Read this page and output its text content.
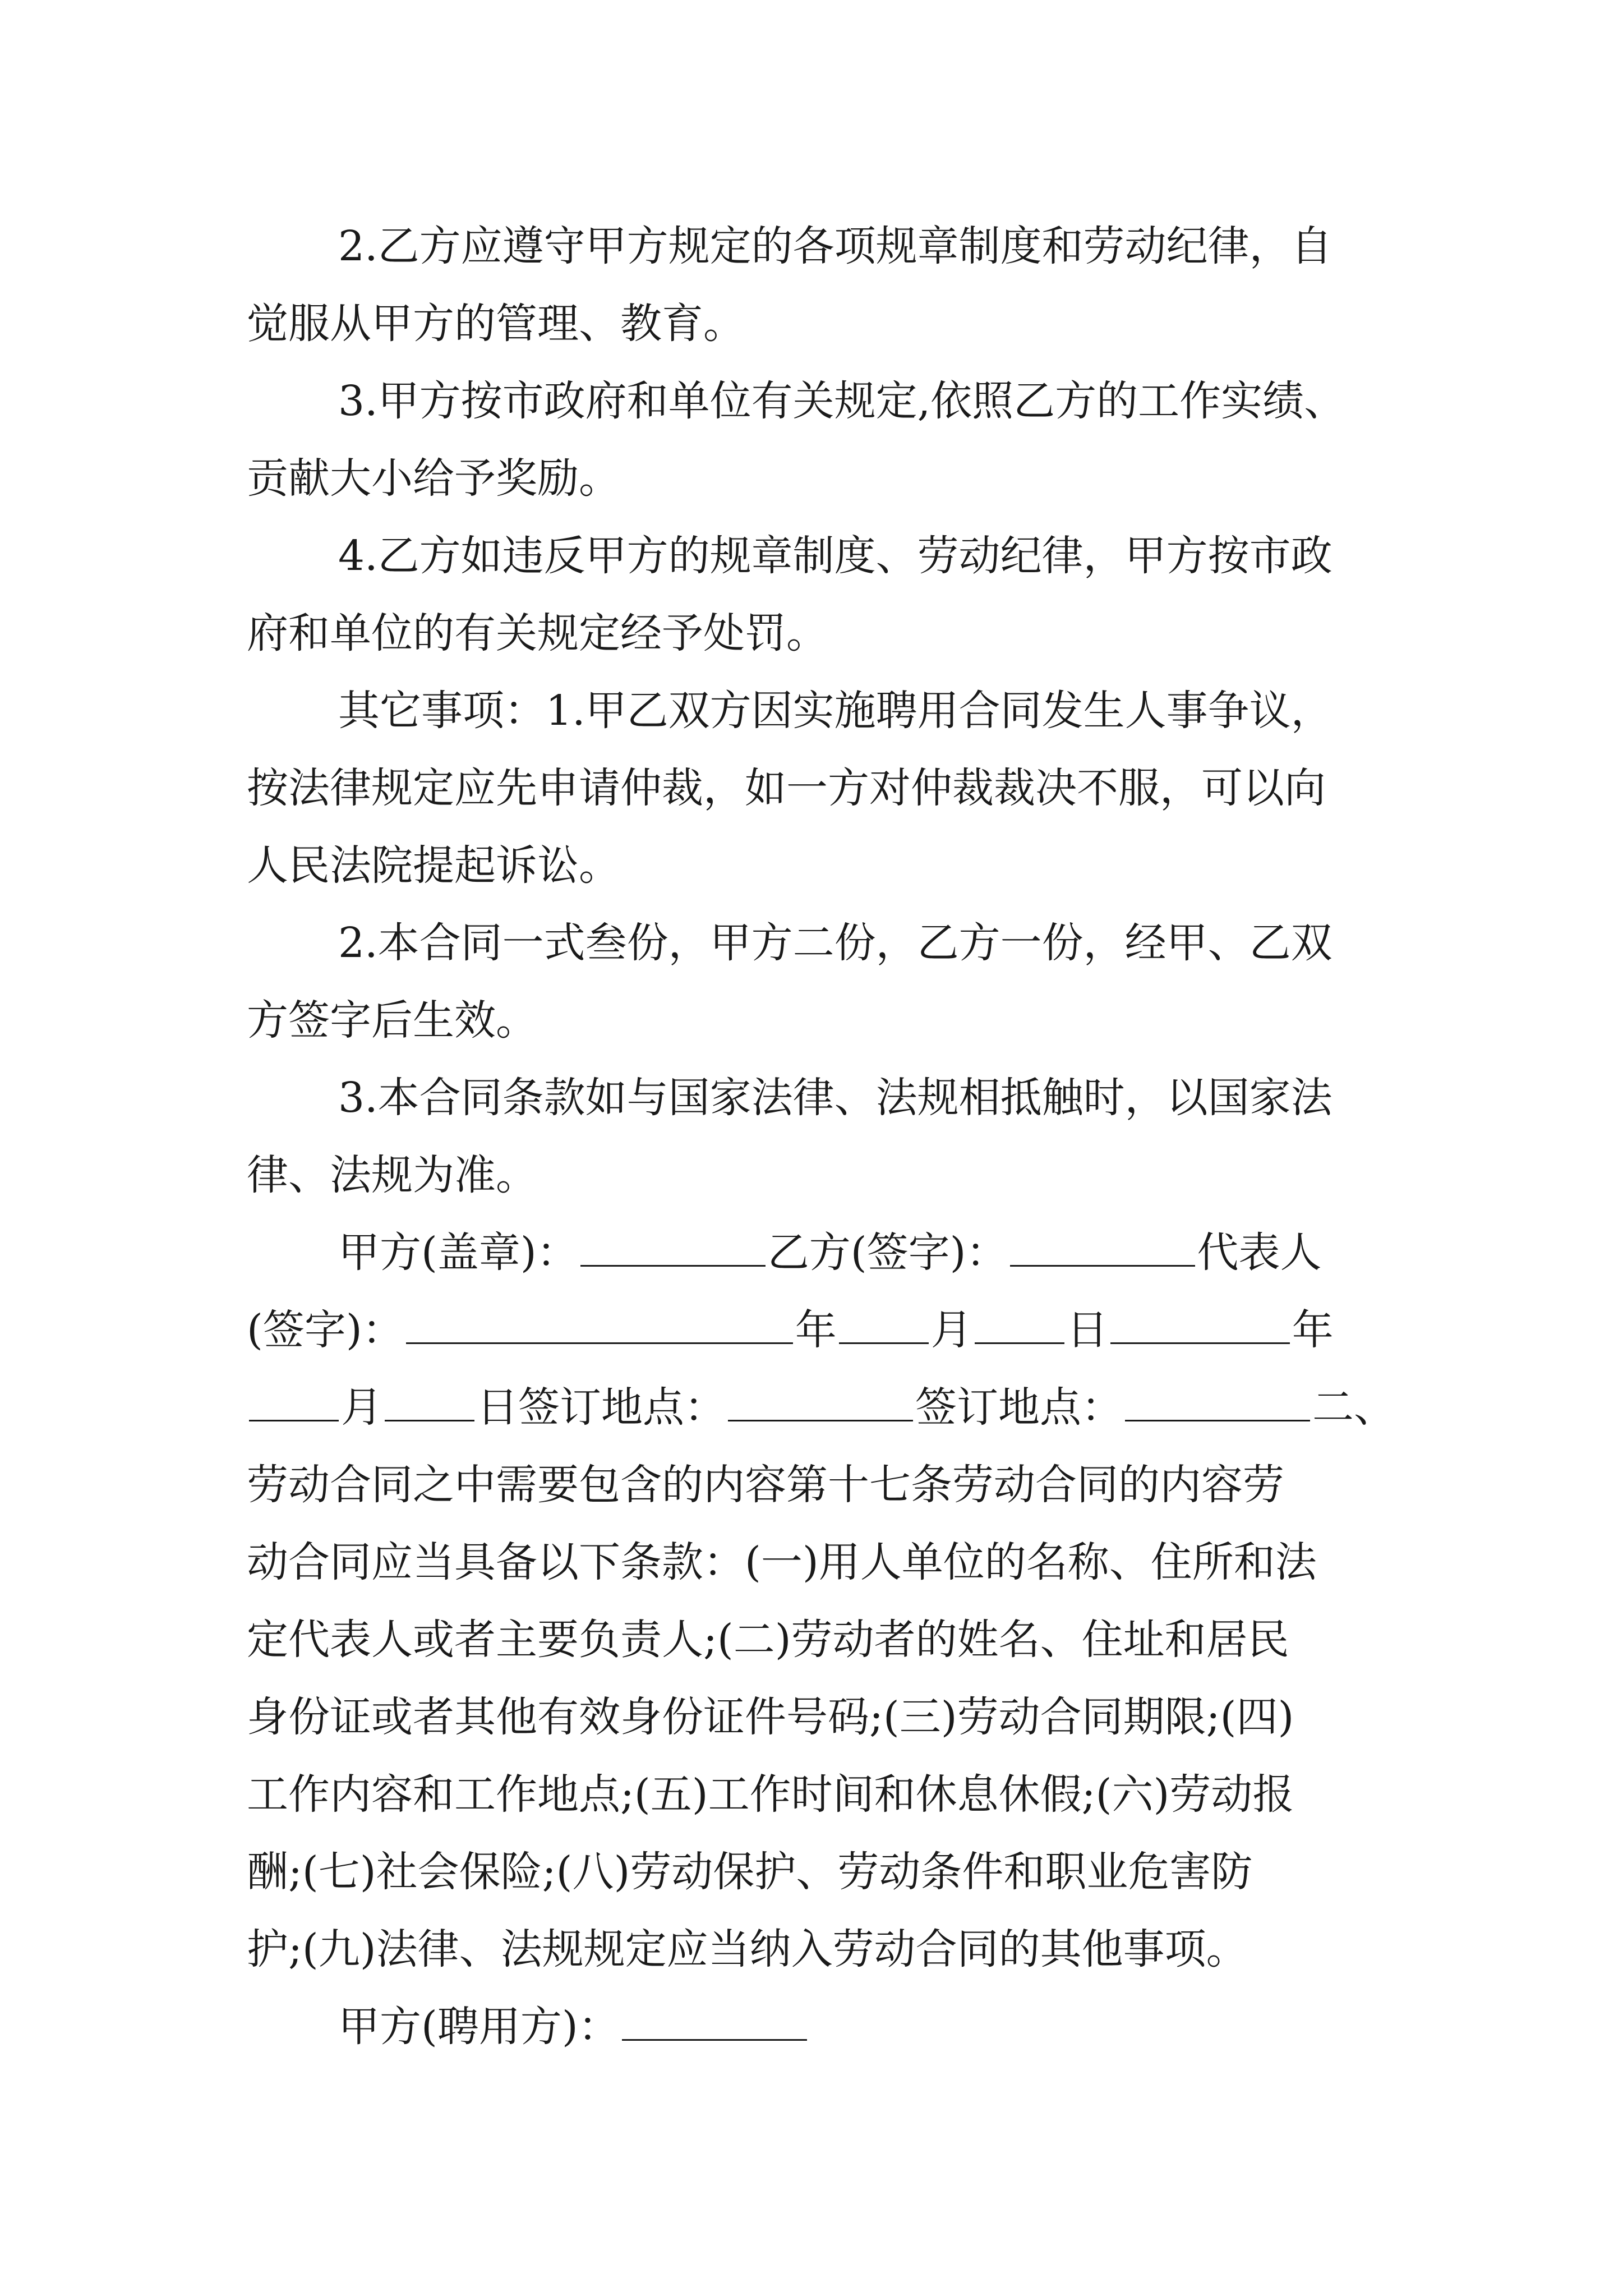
2.乙方应遵守甲方规定的各项规章制度和劳动纪律，自
觉服从甲方的管理、教育。
3.甲方按市政府和单位有关规定,依照乙方的工作实绩、
贡献大小给予奖励。
4.乙方如违反甲方的规章制度、劳动纪律，甲方按市政
府和单位的有关规定经予处罚。
其它事项：1.甲乙双方因实施聘用合同发生人事争议，
按法律规定应先申请仲裁，如一方对仲裁裁决不服，可以向
人民法院提起诉讼。
2.本合同一式叁份，甲方二份，乙方一份，经甲、乙双
方签字后生效。
3.本合同条款如与国家法律、法规相抵触时，以国家法
律、法规为准。
甲方(盖章)：	乙方(签字)：	代表人
(签字)：	年 月 日	年
月 日签订地点：	签订地点：	二、
劳动合同之中需要包含的内容第十七条劳动合同的内容劳
动合同应当具备以下条款：(一)用人单位的名称、住所和法
定代表人或者主要负责人;(二)劳动者的姓名、住址和居民
身份证或者其他有效身份证件号码;(三)劳动合同期限;(四)
工作内容和工作地点;(五)工作时间和休息休假;(六)劳动报
酬;(七)社会保险;(八)劳动保护、劳动条件和职业危害防
护;(九)法律、法规规定应当纳入劳动合同的其他事项。
甲方(聘用方)：
